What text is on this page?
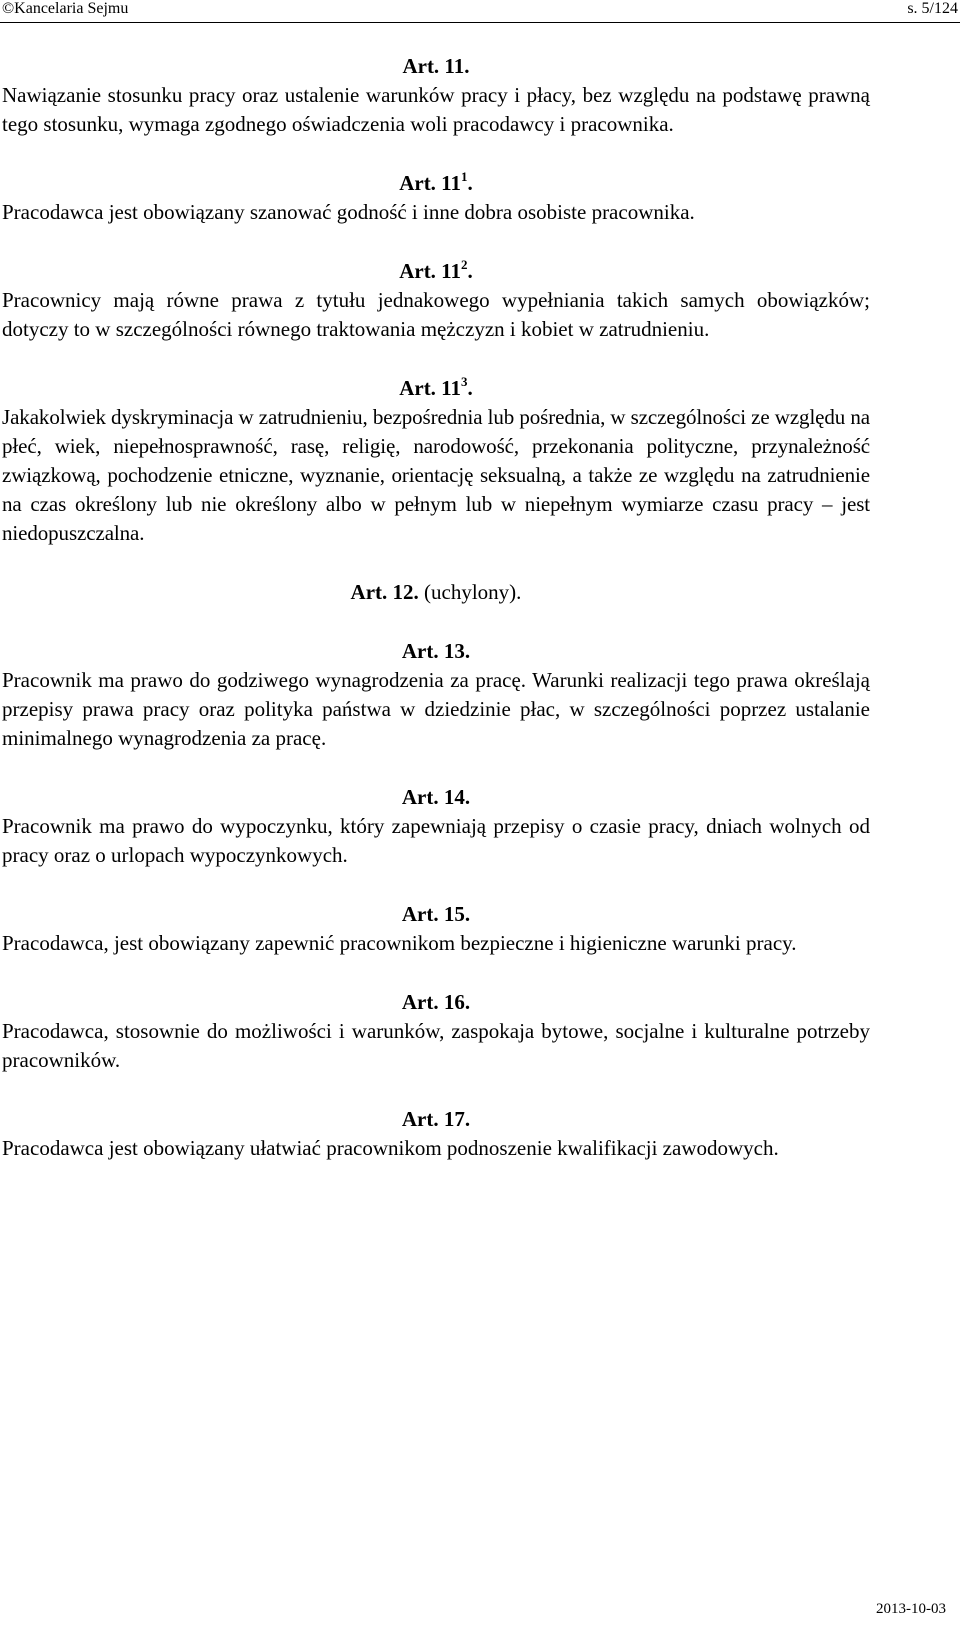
©Kancelaria Sejmu	s. 5/124
Art. 11.
Nawiązanie stosunku pracy oraz ustalenie warunków pracy i płacy, bez względu na podstawę prawną tego stosunku, wymaga zgodnego oświadczenia woli pracodawcy i pracownika.
Art. $11^1$.
Pracodawca jest obowiązany szanować godność i inne dobra osobiste pracownika.
Art. $11^2$.
Pracownicy mają równe prawa z tytułu jednakowego wypełniania takich samych obowiązków; dotyczy to w szczególności równego traktowania mężczyzn i kobiet w zatrudnieniu.
Art. $11^3$.
Jakakolwiek dyskryminacja w zatrudnieniu, bezpośrednia lub pośrednia, w szczególności ze względu na płeć, wiek, niepełnosprawność, rasę, religię, narodowość, przekonania polityczne, przynależność związkową, pochodzenie etniczne, wyznanie, orientację seksualną, a także ze względu na zatrudnienie na czas określony lub nie określony albo w pełnym lub w niepełnym wymiarze czasu pracy – jest niedopuszczalna.
Art. 12. (uchylony).
Art. 13.
Pracownik ma prawo do godziwego wynagrodzenia za pracę. Warunki realizacji tego prawa określają przepisy prawa pracy oraz polityka państwa w dziedzinie płac, w szczególności poprzez ustalanie minimalnego wynagrodzenia za pracę.
Art. 14.
Pracownik ma prawo do wypoczynku, który zapewniają przepisy o czasie pracy, dniach wolnych od pracy oraz o urlopach wypoczynkowych.
Art. 15.
Pracodawca, jest obowiązany zapewnić pracownikom bezpieczne i higieniczne warunki pracy.
Art. 16.
Pracodawca, stosownie do możliwości i warunków, zaspokaja bytowe, socjalne i kulturalne potrzeby pracowników.
Art. 17.
Pracodawca jest obowiązany ułatwiać pracownikom podnoszenie kwalifikacji zawodowych.
2013-10-03
